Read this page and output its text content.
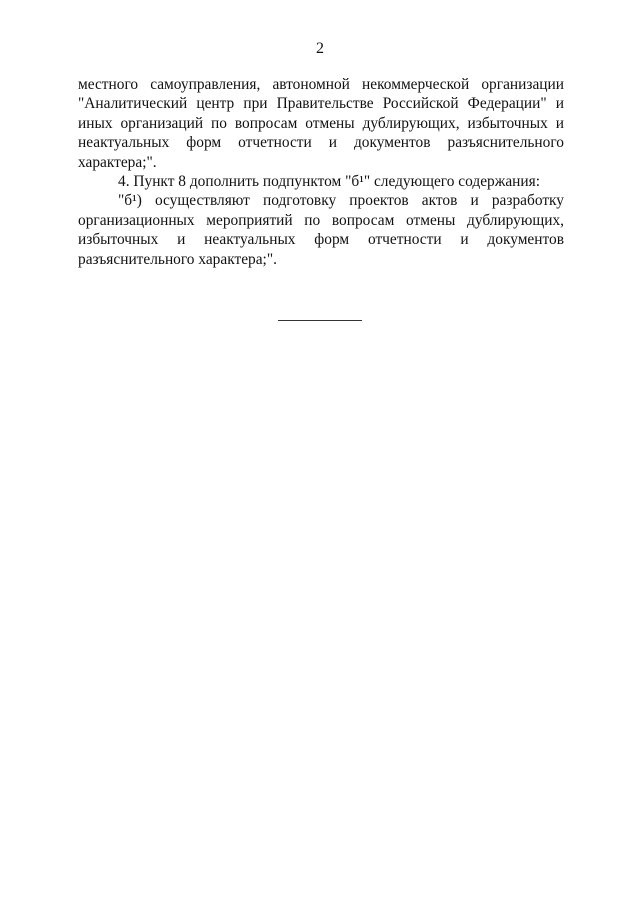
2

местного самоуправления, автономной некоммерческой организации "Аналитический центр при Правительстве Российской Федерации" и иных организаций по вопросам отмены дублирующих, избыточных и неактуальных форм отчетности и документов разъяснительного характера;".

4. Пункт 8 дополнить подпунктом "б¹" следующего содержания:

"б¹) осуществляют подготовку проектов актов и разработку организационных мероприятий по вопросам отмены дублирующих, избыточных и неактуальных форм отчетности и документов разъяснительного характера;".
